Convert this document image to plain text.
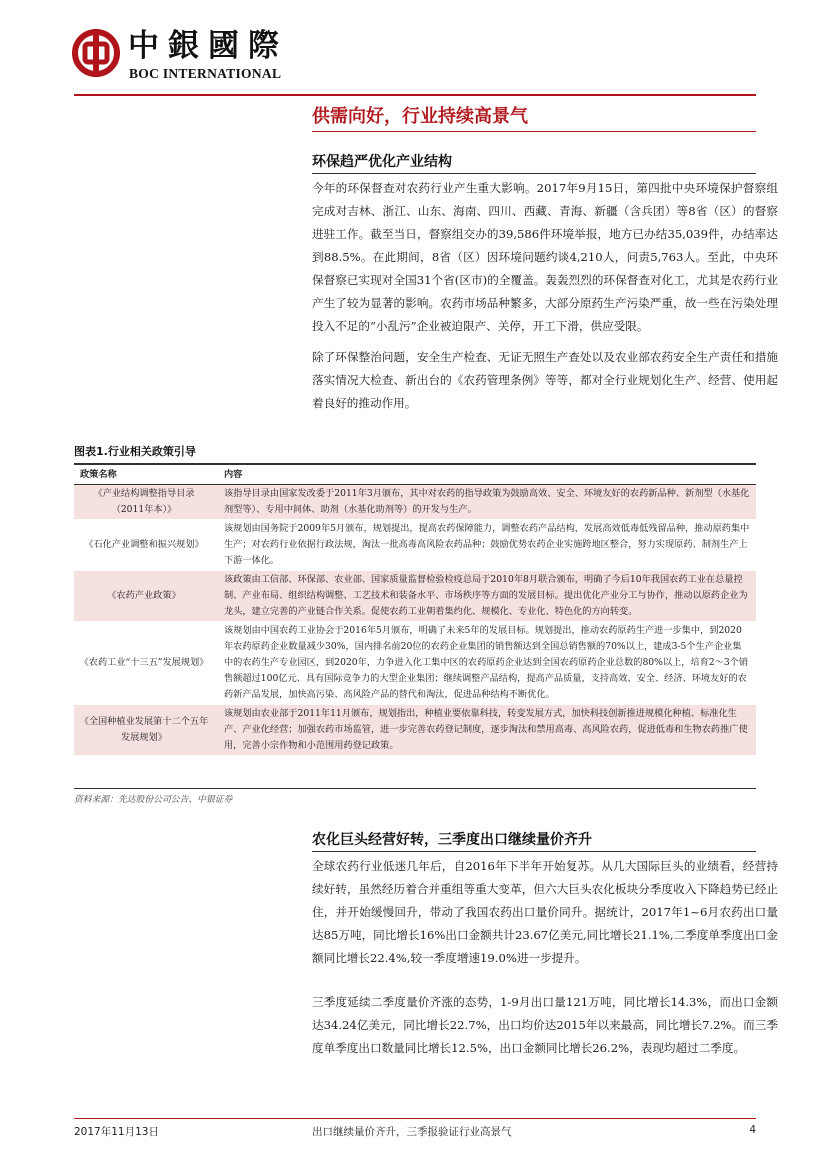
中銀國際
BOC INTERNATIONAL
供需向好，行业持续高景气
环保趋严优化产业结构
今年的环保督查对农药行业产生重大影响。2017年9月15日，第四批中央环境保护督察组完成对吉林、浙江、山东、海南、四川、西藏、青海、新疆（含兵团）等8省（区）的督察进驻工作。截至当日，督察组交办的39,586件环境举报，地方已办结35,039件，办结率达到88.5%。在此期间，8省（区）因环境问题约谈4,210人，问责5,763人。至此，中央环保督察已实现对全国31个省(区市)的全覆盖。轰轰烈烈的环保督查对化工，尤其是农药行业产生了较为显著的影响。农药市场品种繁多，大部分原药生产污染严重，故一些在污染处理投入不足的“小乱污”企业被迫限产、关停，开工下滑，供应受限。
除了环保整治问题，安全生产检查、无证无照生产查处以及农业部农药安全生产责任和措施落实情况大检查、新出台的《农药管理条例》等等，都对全行业规划化生产、经营、使用起着良好的推动作用。
图表1.行业相关政策引导
政策名称	内容
《产业结构调整指导目录（2011年本）》	该指导目录由国家发改委于2011年3月颁布，其中对农药的指导政策为鼓励高效、安全、环境友好的农药新品种、新剂型（水基化剂型等）、专用中间体、助剂（水基化助剂等）的开发与生产。
《石化产业调整和振兴规划》	该规划由国务院于2009年5月颁布，规划提出，提高农药保障能力，调整农药产品结构，发展高效低毒低残留品种，推动原药集中生产；对农药行业依据行政法规，淘汰一批高毒高风险农药品种；鼓励优势农药企业实施跨地区整合，努力实现原药、制剂生产上下游一体化。
《农药产业政策》	该政策由工信部、环保部、农业部、国家质量监督检验检疫总局于2010年8月联合颁布，明确了今后10年我国农药工业在总量控制、产业布局、组织结构调整、工艺技术和装备水平、市场秩序等方面的发展目标。提出优化产业分工与协作，推动以原药企业为龙头，建立完善的产业链合作关系。促使农药工业朝着集约化、规模化、专业化、特色化的方向转变。
《农药工业“十三五”发展规划》	该规划由中国农药工业协会于2016年5月颁布，明确了未来5年的发展目标。规划提出，推动农药原药生产进一步集中，到2020年农药原药企业数量减少30%，国内排名前20位的农药企业集团的销售额达到全国总销售额的70%以上，建成3-5个生产企业集中的农药生产专业园区，到2020年，力争进入化工集中区的农药原药企业达到全国农药原药企业总数的80%以上，培育2～3个销售额超过100亿元、具有国际竞争力的大型企业集团；继续调整产品结构，提高产品质量，支持高效、安全、经济、环境友好的农药新产品发展，加快高污染、高风险产品的替代和淘汰，促进品种结构不断优化。
《全国种植业发展第十二个五年发展规划》	该规划由农业部于2011年11月颁布，规划指出，种植业要依靠科技，转变发展方式，加快科技创新推进规模化种植、标准化生产、产业化经营；加强农药市场监管，进一步完善农药登记制度，逐步淘汰和禁用高毒、高风险农药，促进低毒和生物农药推广使用，完善小宗作物和小范围用药登记政策。
资料来源：先达股份公司公告、中银证券
农化巨头经营好转，三季度出口继续量价齐升
全球农药行业低迷几年后，自2016年下半年开始复苏。从几大国际巨头的业绩看，经营持续好转，虽然经历着合并重组等重大变革，但六大巨头农化板块分季度收入下降趋势已经止住，并开始缓慢回升，带动了我国农药出口量价同升。据统计，2017年1~6月农药出口量达85万吨，同比增长16%出口金额共计23.67亿美元,同比增长21.1%,二季度单季度出口金额同比增长22.4%,较一季度增速19.0%进一步提升。
三季度延续二季度量价齐涨的态势，1-9月出口量121万吨，同比增长14.3%，而出口金额达34.24亿美元，同比增长22.7%，出口均价达2015年以来最高，同比增长7.2%。而三季度单季度出口数量同比增长12.5%，出口金额同比增长26.2%，表现均超过二季度。
2017年11月13日	出口继续量价齐升，三季报验证行业高景气	4
